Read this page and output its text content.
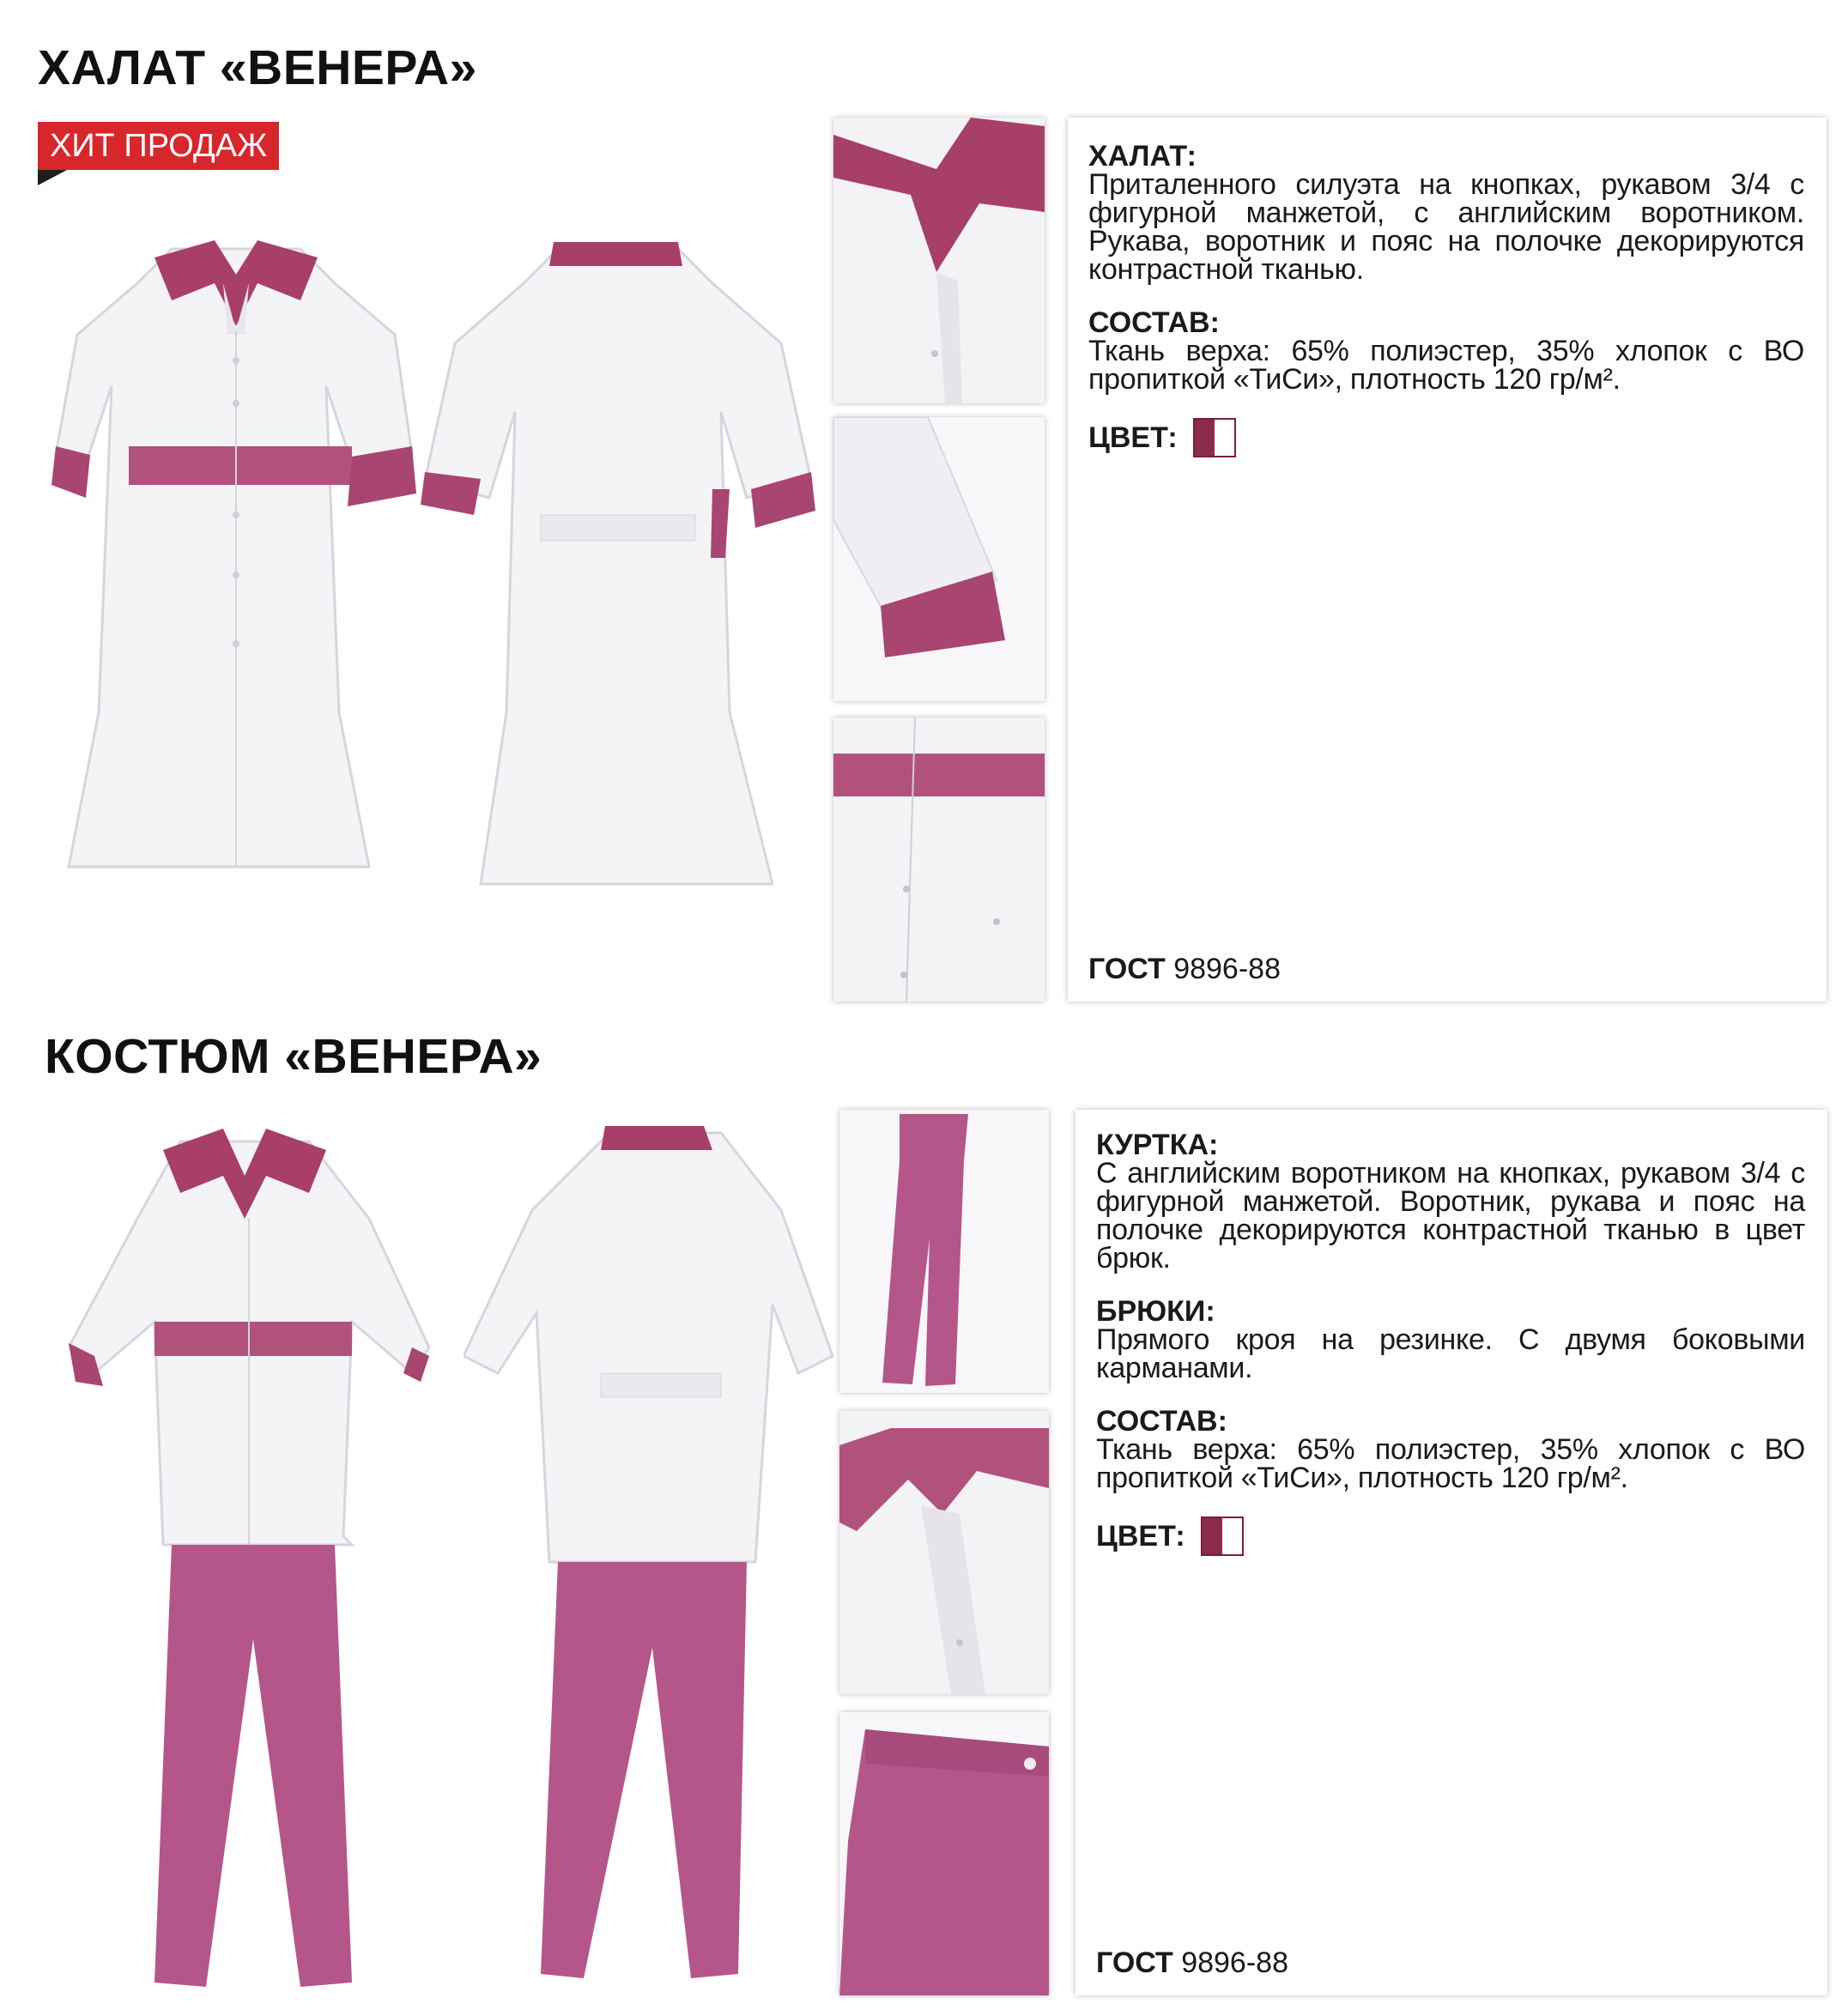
ХАЛАТ «ВЕНЕРА»
ХИТ ПРОДАЖ	ХАЛАТ:

Приталенного силуэта на кнопках, рукавом 3/4 с фигурной манжетой, с английским воротником. Рукава, воротник и пояс на полочке декорируются контрастной тканью.

СОСТАВ:

Ткань верха: 65% полиэстер, 35% хлопок с ВО пропиткой «ТиСи», плотность 120 гр/м².

ЦВЕТ:
ГОСТ 9896-88
КОСТЮМ «ВЕНЕРА»

КУРТКА:

С английским воротником на кнопках, рукавом 3/4 с фигурной манжетой. Воротник, рукава и пояс на полочке декорируются контрастной тканью в цвет брюк.

БРЮКИ:

Прямого кроя на резинке. С двумя боковыми карманами.

СОСТАВ:

Ткань верха: 65% полиэстер, 35% хлопок с ВО пропиткой «ТиСи», плотность 120 гр/м².

ЦВЕТ:
ГОСТ 9896-88
